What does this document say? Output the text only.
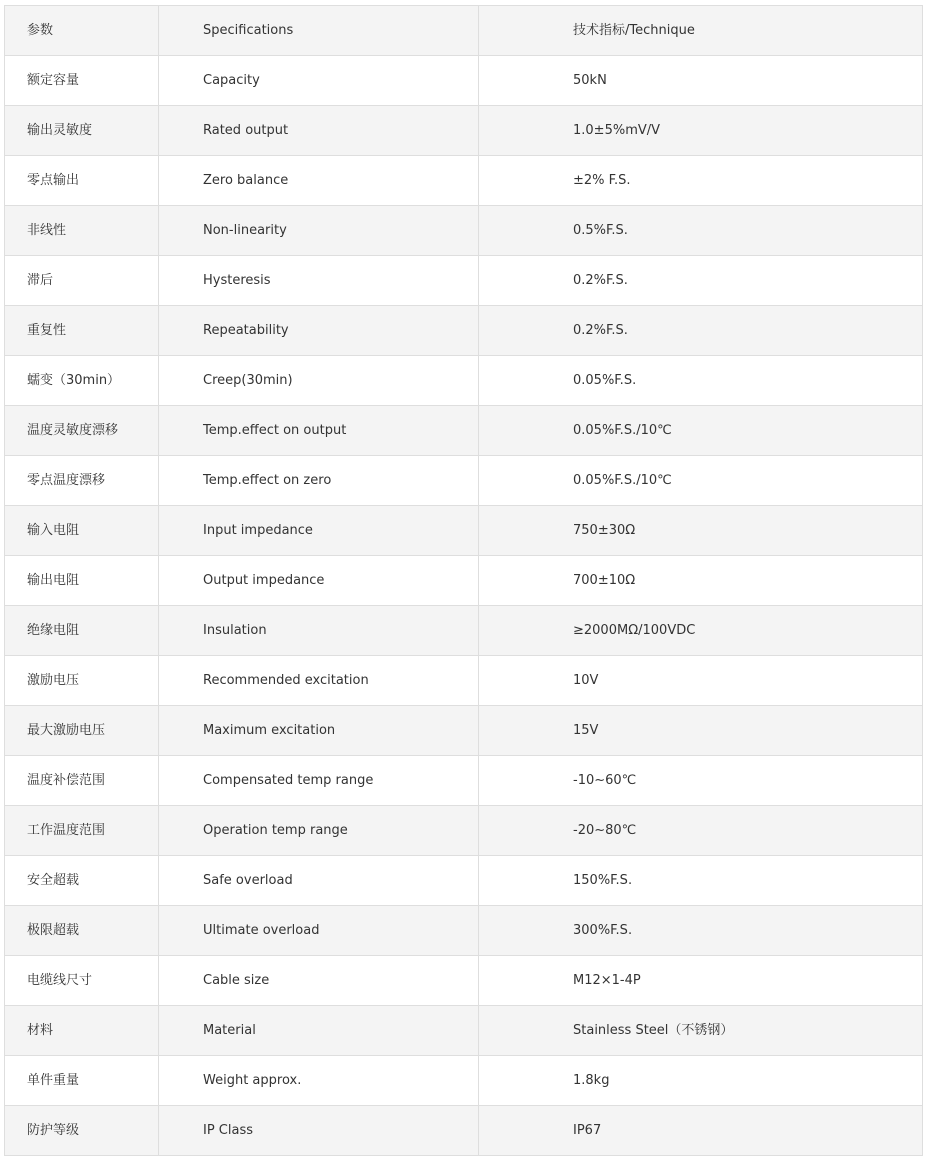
参数	Specifications	技术指标/Technique
额定容量	Capacity	50kN
输出灵敏度	Rated output	1.0±5%mV/V
零点输出	Zero balance	±2% F.S.
非线性	Non-linearity	0.5%F.S.
滞后	Hysteresis	0.2%F.S.
重复性	Repeatability	0.2%F.S.
蠕变（30min）	Creep(30min)	0.05%F.S.
温度灵敏度漂移	Temp.effect on output	0.05%F.S./10℃
零点温度漂移	Temp.effect on zero	0.05%F.S./10℃
输入电阻	Input impedance	750±30Ω
输出电阻	Output impedance	700±10Ω
绝缘电阻	Insulation	≥2000MΩ/100VDC
激励电压	Recommended excitation	10V
最大激励电压	Maximum excitation	15V
温度补偿范围	Compensated temp range	-10~60℃
工作温度范围	Operation temp range	-20~80℃
安全超载	Safe overload	150%F.S.
极限超载	Ultimate overload	300%F.S.
电缆线尺寸	Cable size	M12×1-4P
材料	Material	Stainless Steel（不锈钢）
单件重量	Weight approx.	1.8kg
防护等级	IP Class	IP67
